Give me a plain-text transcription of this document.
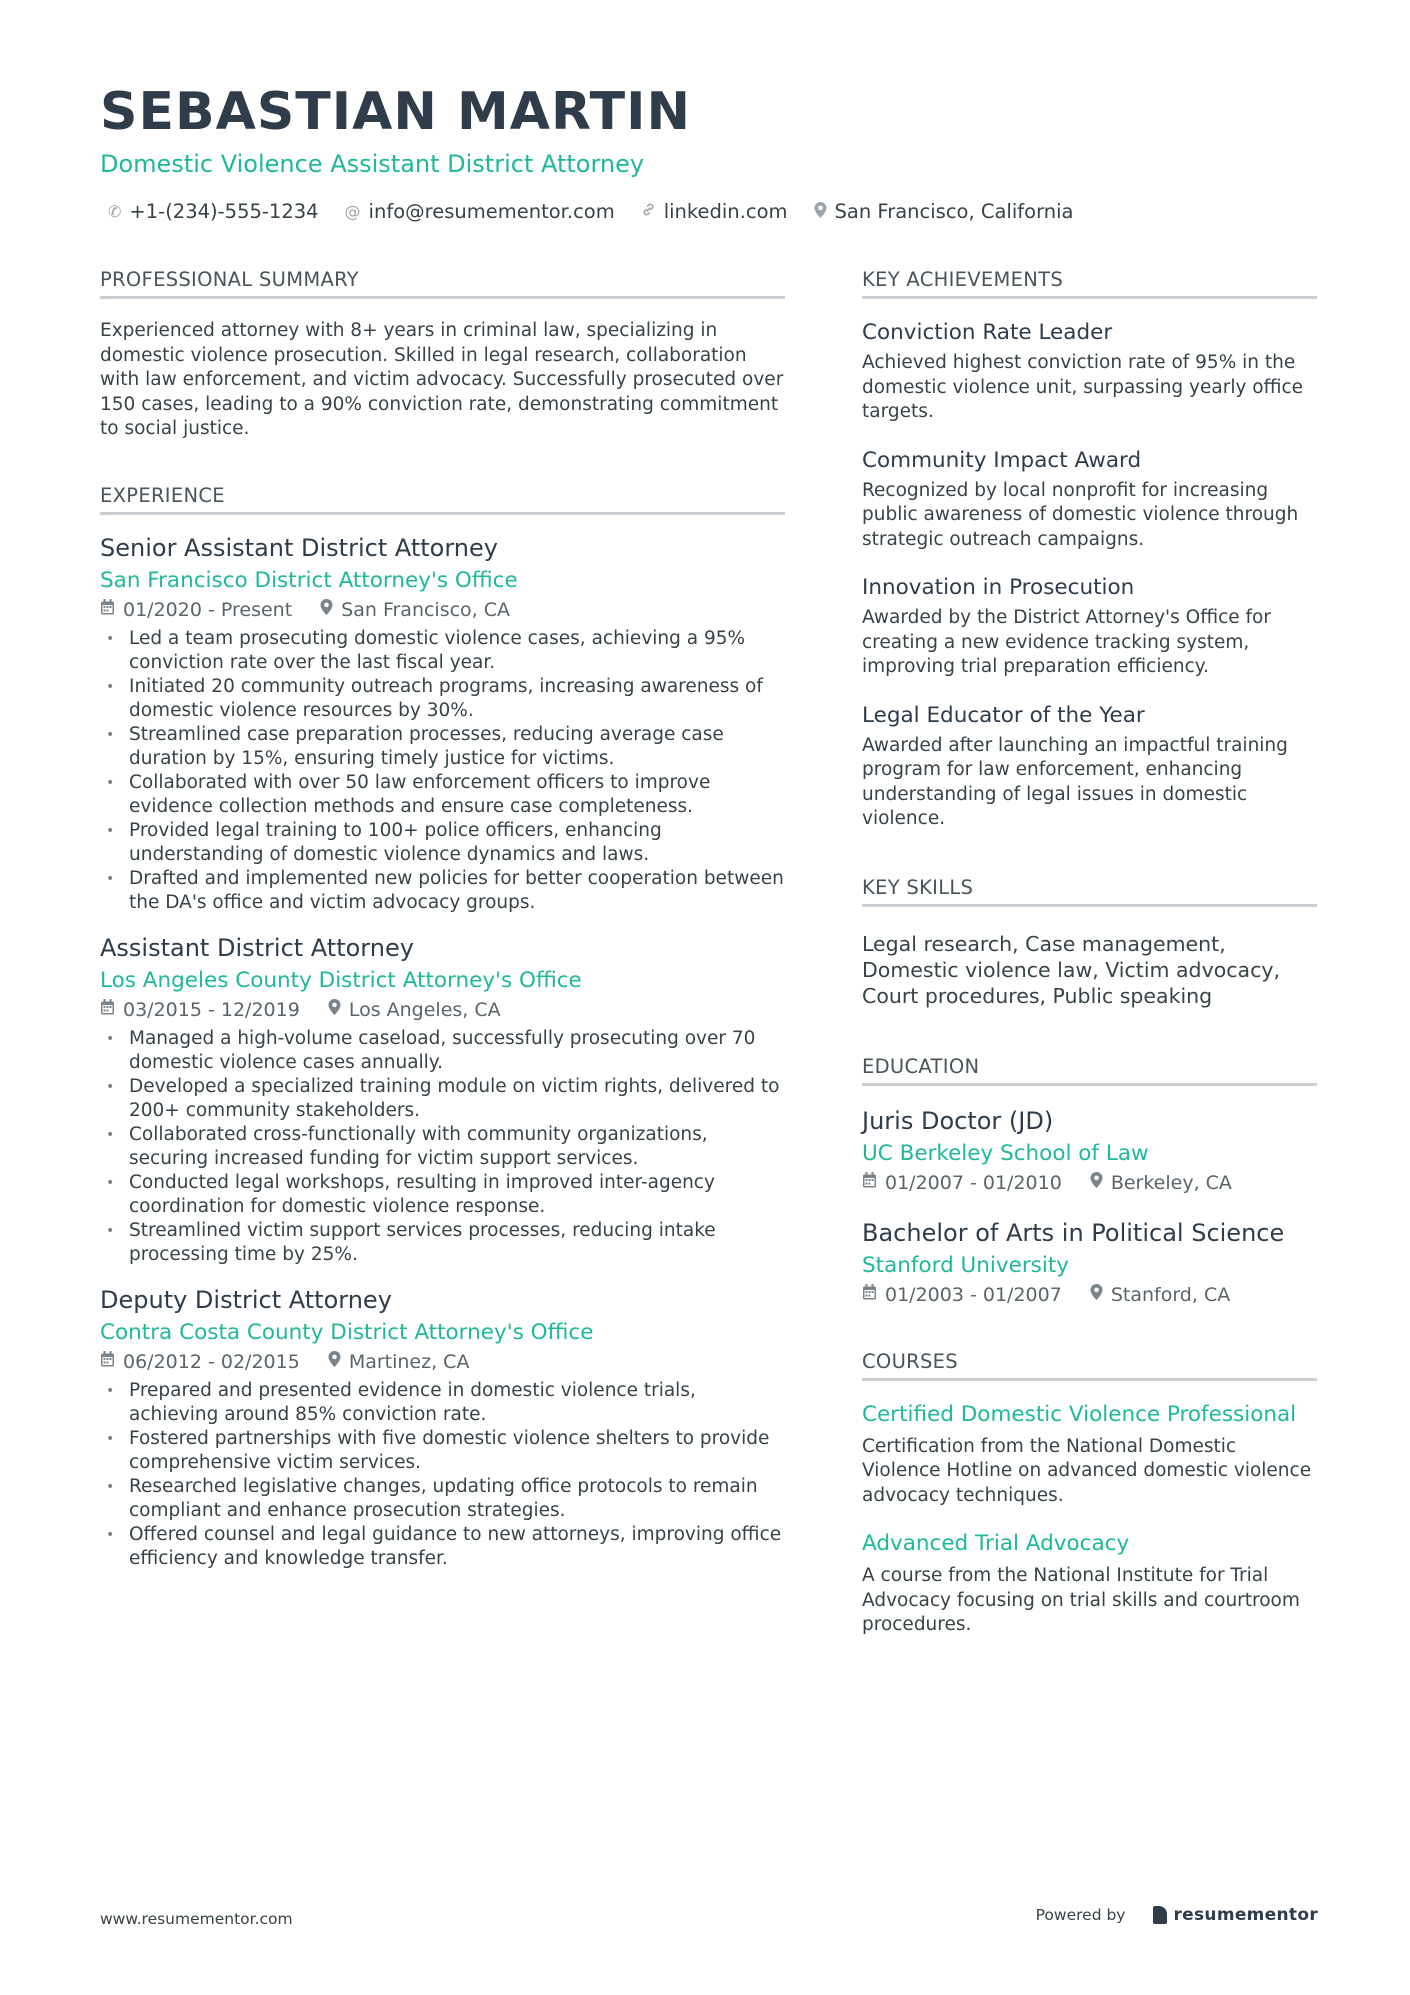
SEBASTIAN MARTIN
Domestic Violence Assistant District Attorney
✆ +1-(234)-555-1234 @ info@resumementor.com	linkedin.com San Francisco, California
PROFESSIONAL SUMMARY
Experienced attorney with 8+ years in criminal law, specializing in domestic violence prosecution. Skilled in legal research, collaboration with law enforcement, and victim advocacy. Successfully prosecuted over 150 cases, leading to a 90% conviction rate, demonstrating commitment to social justice.
EXPERIENCE
Senior Assistant District Attorney
San Francisco District Attorney's Office
01/2020 - Present	San Francisco, CA
• Led a team prosecuting domestic violence cases, achieving a 95% conviction rate over the last fiscal year.
• Initiated 20 community outreach programs, increasing awareness of domestic violence resources by 30%.
• Streamlined case preparation processes, reducing average case duration by 15%, ensuring timely justice for victims.
• Collaborated with over 50 law enforcement officers to improve evidence collection methods and ensure case completeness.
• Provided legal training to 100+ police officers, enhancing understanding of domestic violence dynamics and laws.
• Drafted and implemented new policies for better cooperation between the DA's office and victim advocacy groups.
Assistant District Attorney
Los Angeles County District Attorney's Office
03/2015 - 12/2019	Los Angeles, CA
• Managed a high-volume caseload, successfully prosecuting over 70 domestic violence cases annually.
• Developed a specialized training module on victim rights, delivered to 200+ community stakeholders.
• Collaborated cross-functionally with community organizations, securing increased funding for victim support services.
• Conducted legal workshops, resulting in improved inter-agency coordination for domestic violence response.
• Streamlined victim support services processes, reducing intake processing time by 25%.
Deputy District Attorney
Contra Costa County District Attorney's Office
06/2012 - 02/2015	Martinez, CA
• Prepared and presented evidence in domestic violence trials, achieving around 85% conviction rate.
• Fostered partnerships with five domestic violence shelters to provide comprehensive victim services.
• Researched legislative changes, updating office protocols to remain compliant and enhance prosecution strategies.
• Offered counsel and legal guidance to new attorneys, improving office efficiency and knowledge transfer.
KEY ACHIEVEMENTS
Conviction Rate Leader
Achieved highest conviction rate of 95% in the domestic violence unit, surpassing yearly office targets.
Community Impact Award
Recognized by local nonprofit for increasing public awareness of domestic violence through strategic outreach campaigns.
Innovation in Prosecution
Awarded by the District Attorney's Office for creating a new evidence tracking system, improving trial preparation efficiency.
Legal Educator of the Year
Awarded after launching an impactful training program for law enforcement, enhancing understanding of legal issues in domestic violence.
KEY SKILLS
Legal research, Case management, Domestic violence law, Victim advocacy, Court procedures, Public speaking
EDUCATION
Juris Doctor (JD)
UC Berkeley School of Law
01/2007 - 01/2010	Berkeley, CA
Bachelor of Arts in Political Science
Stanford University
01/2003 - 01/2007	Stanford, CA
COURSES
Certified Domestic Violence Professional
Certification from the National Domestic Violence Hotline on advanced domestic violence advocacy techniques.
Advanced Trial Advocacy
A course from the National Institute for Trial Advocacy focusing on trial skills and courtroom procedures.
www.resumementor.com	Powered by	resumementor
